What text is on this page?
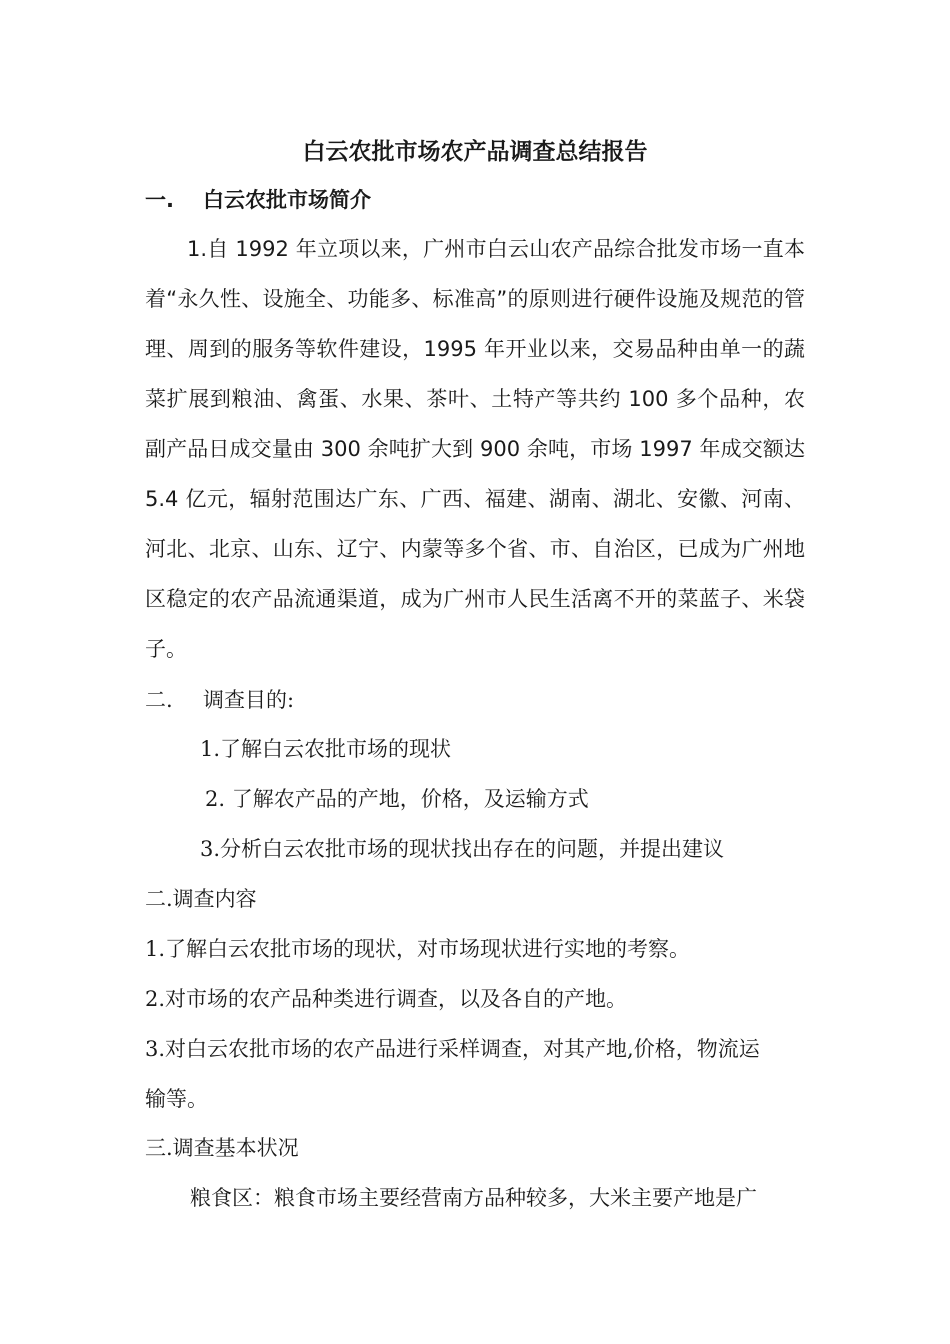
白云农批市场农产品调查总结报告
一. 白云农批市场简介
1.自 1992 年立项以来，广州市白云山农产品综合批发市场一直本着“永久性、设施全、功能多、标准高”的原则进行硬件设施及规范的管理、周到的服务等软件建设，1995 年开业以来，交易品种由单一的蔬菜扩展到粮油、禽蛋、水果、茶叶、土特产等共约 100 多个品种，农副产品日成交量由 300 余吨扩大到 900 余吨，市场 1997 年成交额达 5.4 亿元，辐射范围达广东、广西、福建、湖南、湖北、安徽、河南、河北、北京、山东、辽宁、内蒙等多个省、市、自治区，已成为广州地区稳定的农产品流通渠道，成为广州市人民生活离不开的菜蓝子、米袋子。
二. 调查目的:
1.了解白云农批市场的现状
2. 了解农产品的产地，价格，及运输方式
3.分析白云农批市场的现状找出存在的问题，并提出建议
二.调查内容
1.了解白云农批市场的现状，对市场现状进行实地的考察。
2.对市场的农产品种类进行调查，以及各自的产地。
3.对白云农批市场的农产品进行采样调查，对其产地,价格，物流运
输等。
三.调查基本状况
粮食区：粮食市场主要经营南方品种较多，大米主要产地是广
